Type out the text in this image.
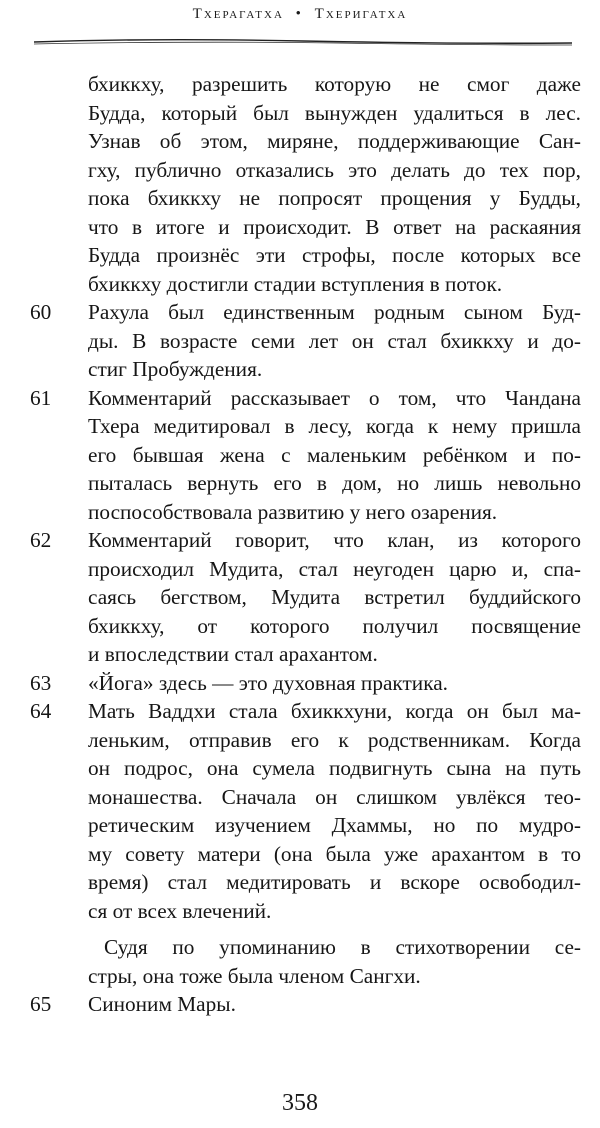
Тхерагатха • Тхеригатха
бхиккху, разрешить которую не смог даже
Будда, который был вынужден удалиться в лес.
Узнав об этом, миряне, поддерживающие Сан-
гху, публично отказались это делать до тех пор,
пока бхиккху не попросят прощения у Будды,
что в итоге и происходит. В ответ на раскаяния
Будда произнёс эти строфы, после которых все
бхиккху достигли стадии вступления в поток.
60 Рахула был единственным родным сыном Буд-
ды. В возрасте семи лет он стал бхиккху и до-
стиг Пробуждения.
61 Комментарий рассказывает о том, что Чандана
Тхера медитировал в лесу, когда к нему пришла
его бывшая жена с маленьким ребёнком и по-
пыталась вернуть его в дом, но лишь невольно
поспособствовала развитию у него озарения.
62 Комментарий говорит, что клан, из которого
происходил Мудита, стал неугоден царю и, спа-
саясь бегством, Мудита встретил буддийского
бхиккху, от которого получил посвящение
и впоследствии стал арахантом.
63 «Йога» здесь — это духовная практика.
64 Мать Ваддхи стала бхиккхуни, когда он был ма-
леньким, отправив его к родственникам. Когда
он подрос, она сумела подвигнуть сына на путь
монашества. Сначала он слишком увлёкся тео-
ретическим изучением Дхаммы, но по мудро-
му совету матери (она была уже арахантом в то
время) стал медитировать и вскоре освободил-
ся от всех влечений.
Судя по упоминанию в стихотворении се-
стры, она тоже была членом Сангхи.
65 Синоним Мары.
358
